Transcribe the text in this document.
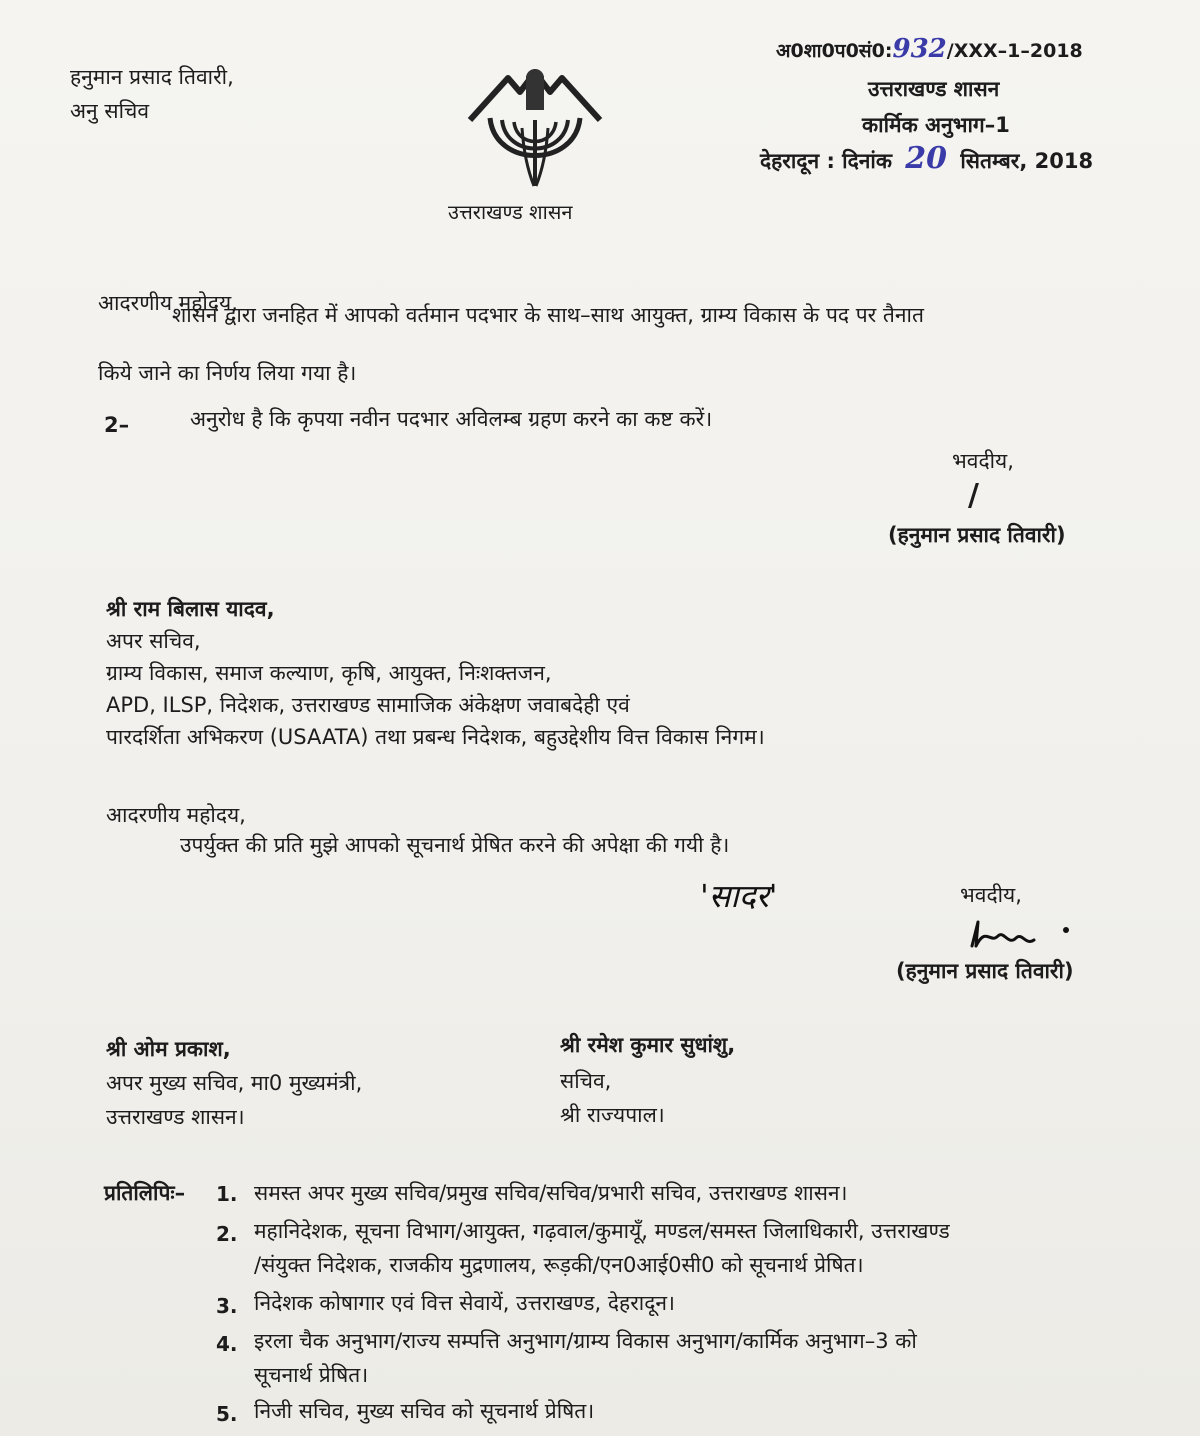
हनुमान प्रसाद तिवारी,
अनु सचिव
उत्तराखण्ड शासन
अ0शा0प0सं0:932/XXX–1–2018
उत्तराखण्ड शासन
कार्मिक अनुभाग–1
देहरादून : दिनांक 20 सितम्बर, 2018
आदरणीय महोदय,
शासन द्वारा जनहित में आपको वर्तमान पदभार के साथ–साथ आयुक्त, ग्राम्य विकास के पद पर तैनात
किये जाने का निर्णय लिया गया है।
2–	अनुरोध है कि कृपया नवीन पदभार अविलम्ब ग्रहण करने का कष्ट करें।
भवदीय,
/
(हनुमान प्रसाद तिवारी)
श्री राम बिलास यादव,
अपर सचिव,
ग्राम्य विकास, समाज कल्याण, कृषि, आयुक्त, निःशक्तजन,
APD, ILSP, निदेशक, उत्तराखण्ड सामाजिक अंकेक्षण जवाबदेही एवं
पारदर्शिता अभिकरण (USAATA) तथा प्रबन्ध निदेशक, बहुउद्देशीय वित्त विकास निगम।
आदरणीय महोदय,
उपर्युक्त की प्रति मुझे आपको सूचनार्थ प्रेषित करने की अपेक्षा की गयी है।
'सादर'	भवदीय,
(हनुमान प्रसाद तिवारी)
श्री ओम प्रकाश,
अपर मुख्य सचिव, मा0 मुख्यमंत्री,
उत्तराखण्ड शासन।
श्री रमेश कुमार सुधांशु,
सचिव,
श्री राज्यपाल।
प्रतिलिपिः– 1. समस्त अपर मुख्य सचिव/प्रमुख सचिव/सचिव/प्रभारी सचिव, उत्तराखण्ड शासन।
2. महानिदेशक, सूचना विभाग/आयुक्त, गढ़वाल/कुमायूँ, मण्डल/समस्त जिलाधिकारी, उत्तराखण्ड
/संयुक्त निदेशक, राजकीय मुद्रणालय, रूड़की/एन0आई0सी0 को सूचनार्थ प्रेषित।
3. निदेशक कोषागार एवं वित्त सेवायें, उत्तराखण्ड, देहरादून।
4. इरला चैक अनुभाग/राज्य सम्पत्ति अनुभाग/ग्राम्य विकास अनुभाग/कार्मिक अनुभाग–3 को
सूचनार्थ प्रेषित।
5. निजी सचिव, मुख्य सचिव को सूचनार्थ प्रेषित।
